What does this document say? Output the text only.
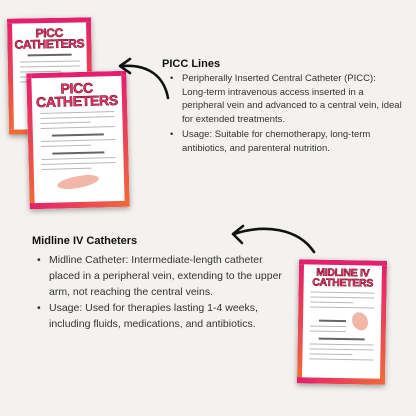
PICC
CATHETERS
PICC
CATHETERS
PICC Lines
• Peripherally Inserted Central Catheter (PICC): Long-term intravenous access inserted in a peripheral vein and advanced to a central vein, ideal for extended treatments.
• Usage: Suitable for chemotherapy, long-term antibiotics, and parenteral nutrition.
Midline IV Catheters
• Midline Catheter: Intermediate-length catheter placed in a peripheral vein, extending to the upper arm, not reaching the central veins.
• Usage: Used for therapies lasting 1-4 weeks, including fluids, medications, and antibiotics.
MIDLINE IV
CATHETERS
